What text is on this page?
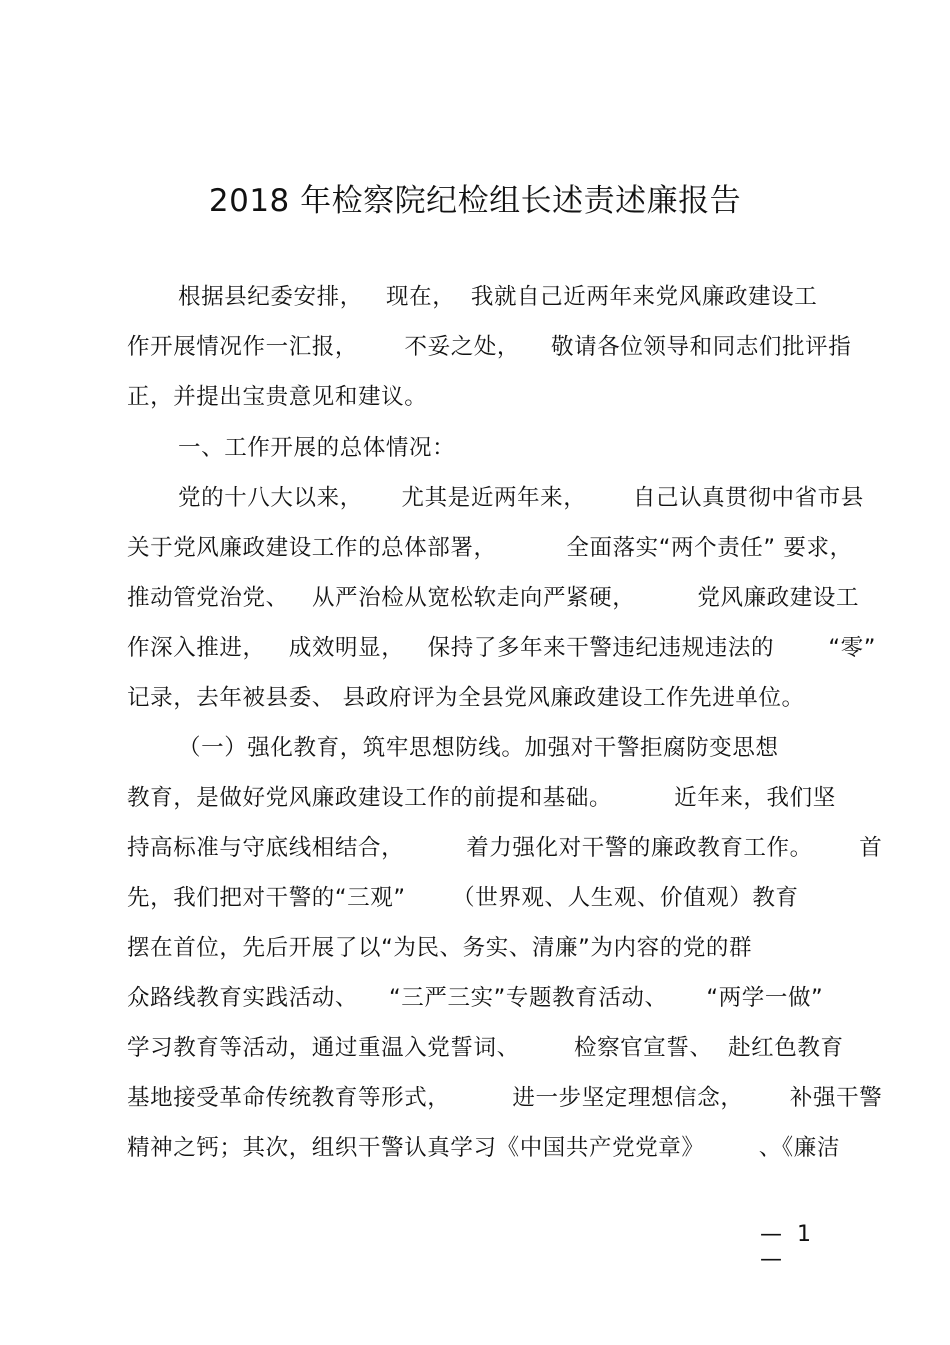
2018 年检察院纪检组长述责述廉报告
根据县纪委安排，   现在，  我就自己近两年来党风廉政建设工
作开展情况作一汇报，      不妥之处，    敬请各位领导和同志们批评指
正，并提出宝贵意见和建议。
一、工作开展的总体情况：
党的十八大以来，     尤其是近两年来，      自己认真贯彻中省市县
关于党风廉政建设工作的总体部署，         全面落实“两个责任” 要求，
推动管党治党、   从严治检从宽松软走向严紧硬，        党风廉政建设工
作深入推进，   成效明显，   保持了多年来干警违纪违规违法的       “零”
记录，去年被县委、 县政府评为全县党风廉政建设工作先进单位。
（一）强化教育，筑牢思想防线。加强对干警拒腐防变思想
教育，是做好党风廉政建设工作的前提和基础。        近年来，我们坚
持高标准与守底线相结合，        着力强化对干警的廉政教育工作。      首
先，我们把对干警的“三观”      （世界观、人生观、价值观）教育
摆在首位，先后开展了以“为民、务实、清廉”为内容的党的群
众路线教育实践活动、    “三严三实”专题教育活动、     “两学一做”
学习教育等活动，通过重温入党誓词、       检察官宣誓、  赴红色教育
基地接受革命传统教育等形式，        进一步坚定理想信念，      补强干警
精神之钙；其次，组织干警认真学习《中国共产党党章》       、《廉洁
— 1 —
